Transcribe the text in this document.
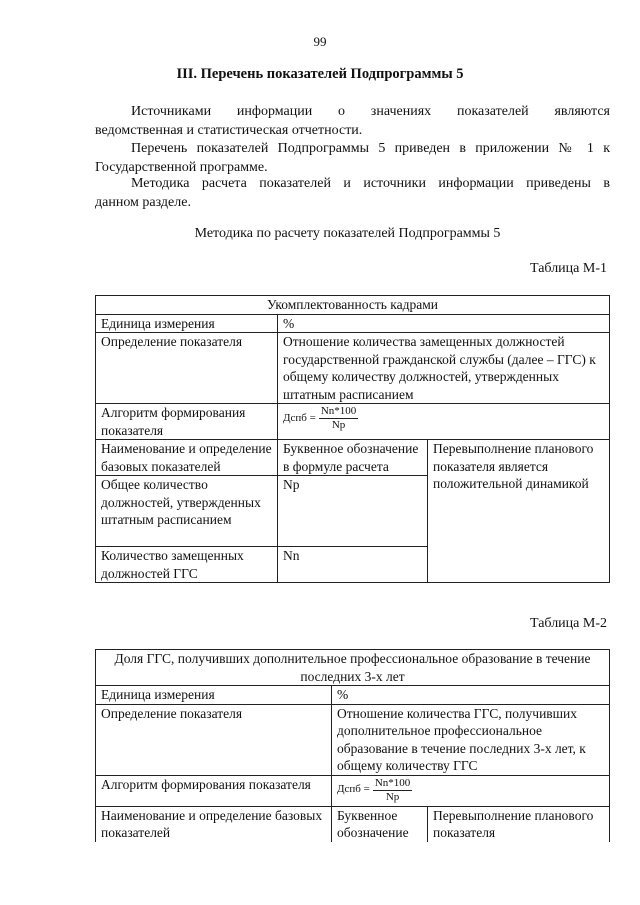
99
III. Перечень показателей Подпрограммы 5
Источниками информации о значениях показателей являются
ведомственная и статистическая отчетности.
Перечень показателей Подпрограммы 5 приведен в приложении № 1 к
Государственной программе.
Методика расчета показателей и источники информации приведены в
данном разделе.
Методика по расчету показателей Подпрограммы 5
Таблица М-1
Укомплектованность кадрами		
Единица измерения	%	
Определение показателя	Отношение количества замещенных должностей государственной гражданской службы (далее – ГГС) к общему количеству должностей, утвержденных штатным расписанием	
Алгоритм формирования показателя	Дспб = $\frac{Nn*100}{Np}$

Наименование и определение базовых показателей	Буквенное обозначение в формуле расчета	Перевыполнение планового показателя является положительной динамикой
Общее количество должностей, утвержденных штатным расписанием	Np	
Количество замещенных должностей ГГС	Nn	
Таблица М-2
Доля ГГС, получивших дополнительное профессиональное образование в течение последних 3-х лет		
Единица измерения	%	
Определение показателя	Отношение количества ГГС, получивших дополнительное профессиональное образование в течение последних 3-х лет, к общему количеству ГГС	
Алгоритм формирования показателя	Дспб = $\frac{Nn*100}{Np}$

Наименование и определение базовых показателей	Буквенное обозначение	Перевыполнение планового показателя
